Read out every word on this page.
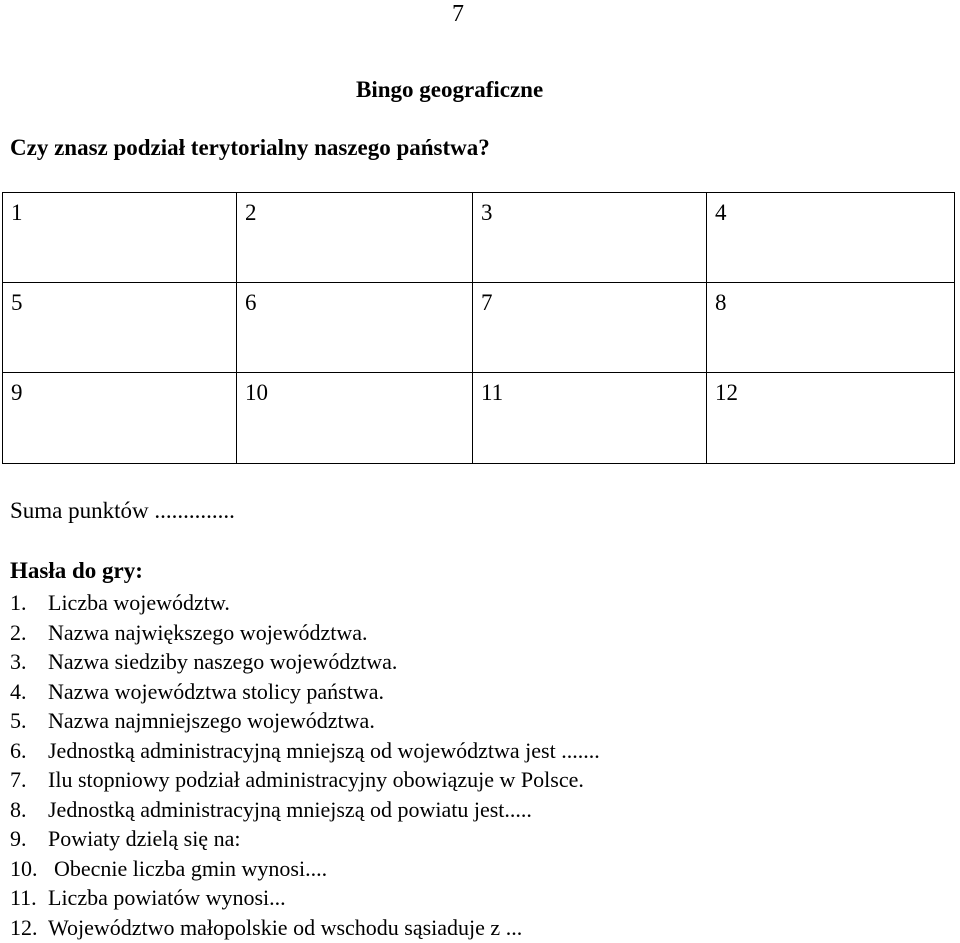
7
Bingo geograficzne
Czy znasz podział terytorialny naszego państwa?
1	2	3	4
5	6	7	8
9	10	11	12
Suma punktów ..............
Hasła do gry:
1. Liczba województw.
2. Nazwa największego województwa.
3. Nazwa siedziby naszego województwa.
4. Nazwa województwa stolicy państwa.
5. Nazwa najmniejszego województwa.
6. Jednostką administracyjną mniejszą od województwa jest .......
7. Ilu stopniowy podział administracyjny obowiązuje w Polsce.
8. Jednostką administracyjną mniejszą od powiatu jest.....
9. Powiaty dzielą się na:
10. Obecnie liczba gmin wynosi....
11. Liczba powiatów wynosi...
12. Województwo małopolskie od wschodu sąsiaduje z ...
